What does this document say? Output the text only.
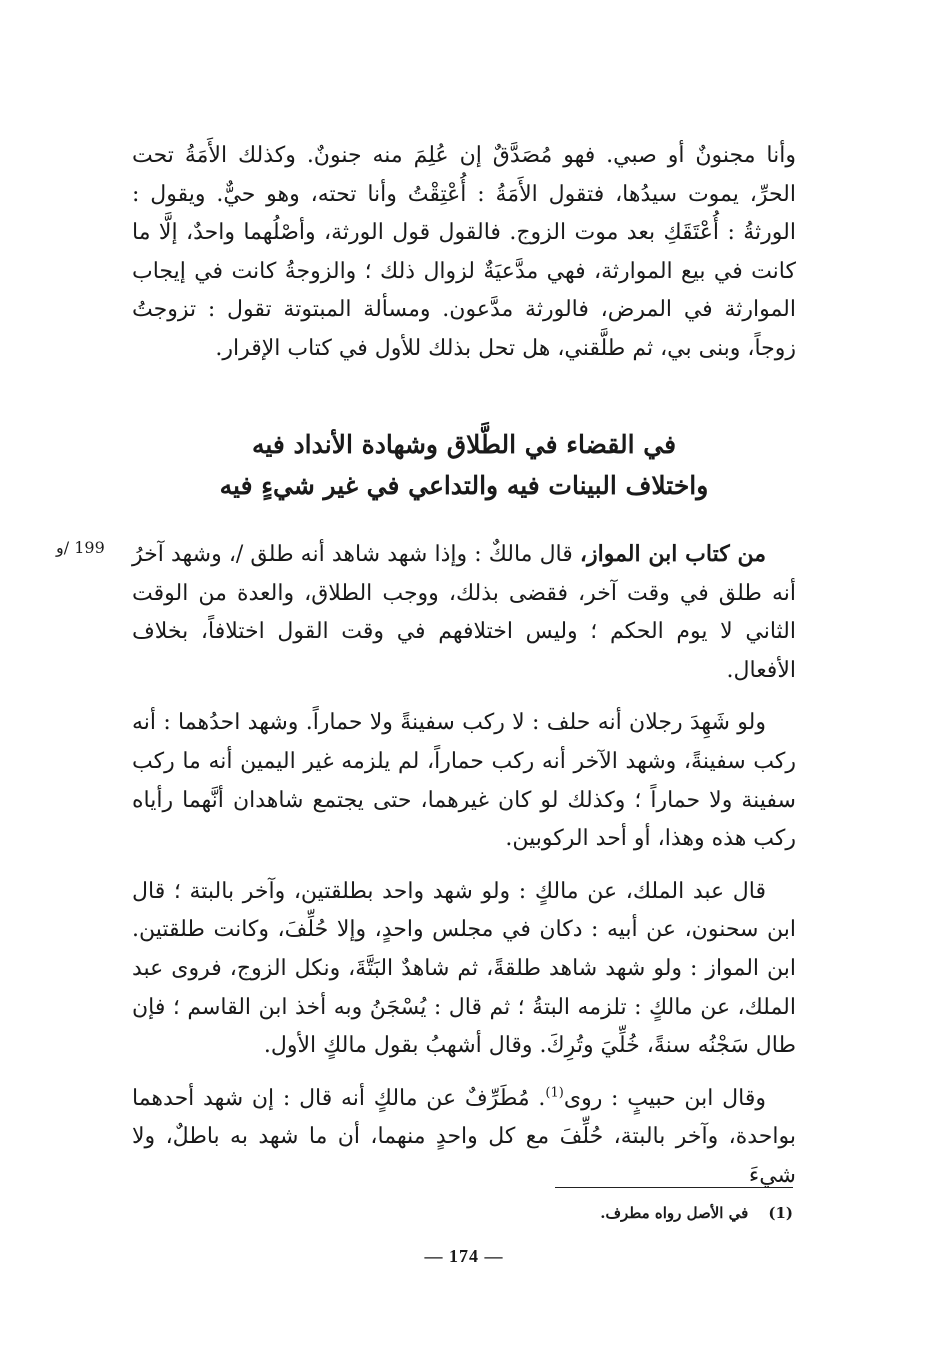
وأنا مجنونٌ أو صبي. فهو مُصَدَّقٌ إن عُلِمَ منه جنونٌ. وكذلك الأَمَةُ تحت الحرِّ، يموت سيدُها، فتقول الأَمَةُ : أُعْتِقْتُ وأنا تحته، وهو حيٌّ. ويقول : الورثةُ : أُعْتَقَكِ بعد موت الزوج. فالقول قول الورثة، وأصْلُهما واحدٌ، إلَّا ما كانت في بيع الموارثة، فهي مدَّعيَةٌ لزوال ذلك ؛ والزوجةُ كانت في إيجاب الموارثة في المرض، فالورثة مدَّعون. ومسألة المبتوتة تقول : تزوجتُ زوجاً، وبنى بي، ثم طلَّقني، هل تحل بذلك للأول في كتاب الإقرار.

في القضاء في الطَّلاق وشهادة الأنداد فيه
واختلاف البينات فيه والتداعي في غير شيءٍ فيه
199 /و	من كتاب ابن المواز، قال مالكٌ : وإذا شهد شاهد أنه طلق /، وشهد آخرُ أنه طلق في وقت آخر، فقضى بذلك، ووجب الطلاق، والعدة من الوقت الثاني لا يوم الحكم ؛ وليس اختلافهم في وقت القول اختلافاً، بخلاف الأفعال.

ولو شَهِدَ رجلان أنه حلف : لا ركب سفينةً ولا حماراً. وشهد احدُهما : أنه ركب سفينةً، وشهد الآخر أنه ركب حماراً، لم يلزمه غير اليمين أنه ما ركب سفينة ولا حماراً ؛ وكذلك لو كان غيرهما، حتى يجتمع شاهدان أنَّهما رأياه ركب هذه وهذا، أو أحد الركوبين.

قال عبد الملك، عن مالكٍ : ولو شهد واحد بطلقتين، وآخر بالبتة ؛ قال ابن سحنون، عن أبيه : دكان في مجلس واحدٍ، وإلا حُلِّفَ، وكانت طلقتين. ابن المواز : ولو شهد شاهد طلقةً، ثم شاهدٌ البَتَّةَ، ونكل الزوج، فروى عبد الملك، عن مالكٍ : تلزمه البتةُ ؛ ثم قال : يُسْجَنُ وبه أخذ ابن القاسم ؛ فإن طال سَجْنُه سنةً، خُلِّيَ وتُرِكَ. وقال أشهبُ بقول مالكٍ الأول.

وقال ابن حبيبٍ : روى$^{(1)}$. مُطَرِّفٌ عن مالكٍ أنه قال : إن شهد أحدهما بواحدة، وآخر بالبتة، حُلِّفَ مع كل واحدٍ منهما، أن ما شهد به باطلٌ، ولا شيءَ

(1)في الأصل رواه مطرف.
— 174 —
